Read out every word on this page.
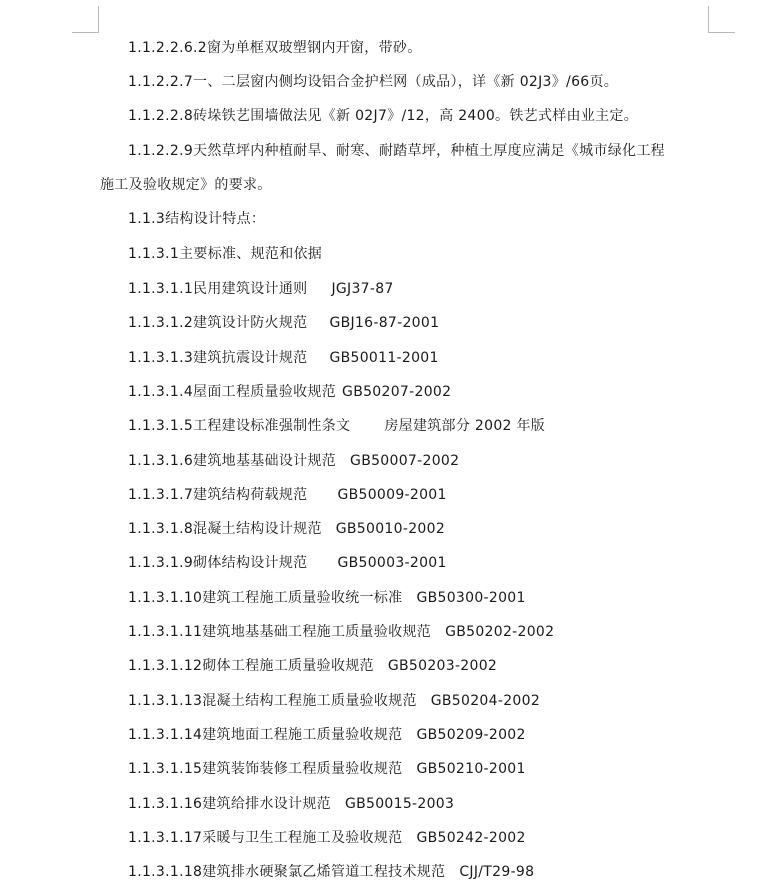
1.1.2.2.6.2窗为单框双玻塑钢内开窗，带砂。
1.1.2.2.7一、二层窗内侧均设铝合金护栏网（成品），详《新 02J3》/66页。
1.1.2.2.8砖垛铁艺围墙做法见《新 02J7》/12，高 2400。铁艺式样由业主定。
1.1.2.2.9天然草坪内种植耐旱、耐寒、耐踏草坪，种植土厚度应满足《城市绿化工程
施工及验收规定》的要求。
1.1.3结构设计特点：
1.1.3.1主要标准、规范和依据
1.1.3.1.1民用建筑设计通则 JGJ37-87
1.1.3.1.2建筑设计防火规范 GBJ16-87-2001
1.1.3.1.3建筑抗震设计规范 GB50011-2001
1.1.3.1.4屋面工程质量验收规范 GB50207-2002
1.1.3.1.5工程建设标准强制性条文 房屋建筑部分 2002 年版
1.1.3.1.6建筑地基基础设计规范 GB50007-2002
1.1.3.1.7建筑结构荷载规范 GB50009-2001
1.1.3.1.8混凝土结构设计规范 GB50010-2002
1.1.3.1.9砌体结构设计规范 GB50003-2001
1.1.3.1.10建筑工程施工质量验收统一标准 GB50300-2001
1.1.3.1.11建筑地基基础工程施工质量验收规范 GB50202-2002
1.1.3.1.12砌体工程施工质量验收规范 GB50203-2002
1.1.3.1.13混凝土结构工程施工质量验收规范 GB50204-2002
1.1.3.1.14建筑地面工程施工质量验收规范 GB50209-2002
1.1.3.1.15建筑装饰装修工程质量验收规范 GB50210-2001
1.1.3.1.16建筑给排水设计规范 GB50015-2003
1.1.3.1.17采暖与卫生工程施工及验收规范 GB50242-2002
1.1.3.1.18建筑排水硬聚氯乙烯管道工程技术规范 CJJ/T29-98
